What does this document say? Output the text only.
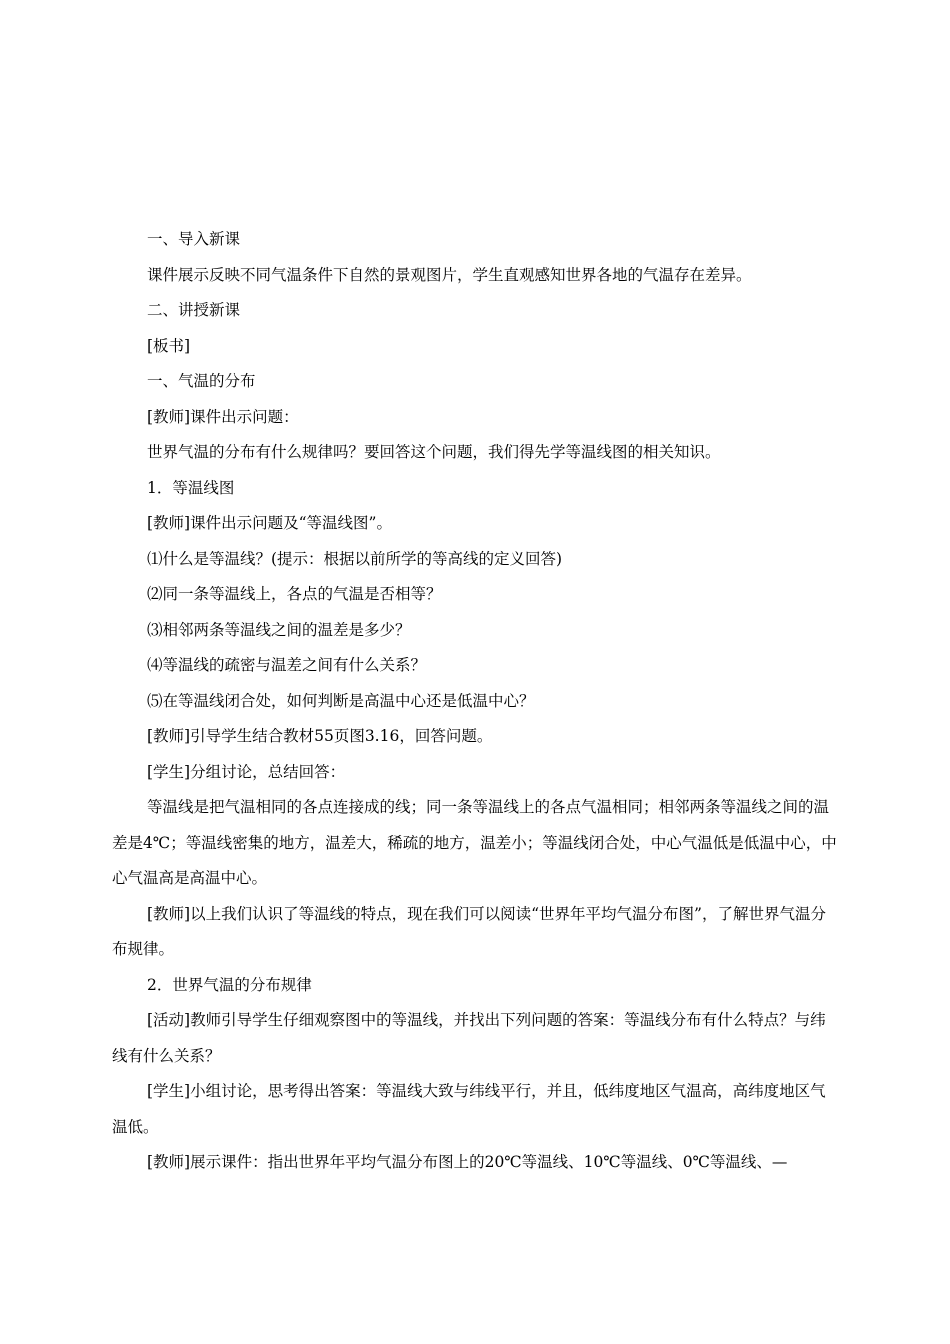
一、导入新课

课件展示反映不同气温条件下自然的景观图片，学生直观感知世界各地的气温存在差异。

二、讲授新课

[板书]

一、气温的分布

[教师]课件出示问题：

世界气温的分布有什么规律吗？要回答这个问题，我们得先学等温线图的相关知识。

1．等温线图

[教师]课件出示问题及“等温线图”。

⑴什么是等温线？(提示：根据以前所学的等高线的定义回答)

⑵同一条等温线上，各点的气温是否相等？

⑶相邻两条等温线之间的温差是多少？

⑷等温线的疏密与温差之间有什么关系？

⑸在等温线闭合处，如何判断是高温中心还是低温中心？

[教师]引导学生结合教材55页图3.16，回答问题。

[学生]分组讨论，总结回答：

等温线是把气温相同的各点连接成的线；同一条等温线上的各点气温相同；相邻两条等温线之间的温差是4℃；等温线密集的地方，温差大，稀疏的地方，温差小；等温线闭合处，中心气温低是低温中心，中心气温高是高温中心。

[教师]以上我们认识了等温线的特点，现在我们可以阅读“世界年平均气温分布图”，了解世界气温分布规律。

2．世界气温的分布规律

[活动]教师引导学生仔细观察图中的等温线，并找出下列问题的答案：等温线分布有什么特点？与纬线有什么关系？

[学生]小组讨论，思考得出答案：等温线大致与纬线平行，并且，低纬度地区气温高，高纬度地区气温低。

[教师]展示课件：指出世界年平均气温分布图上的20℃等温线、10℃等温线、0℃等温线、—
